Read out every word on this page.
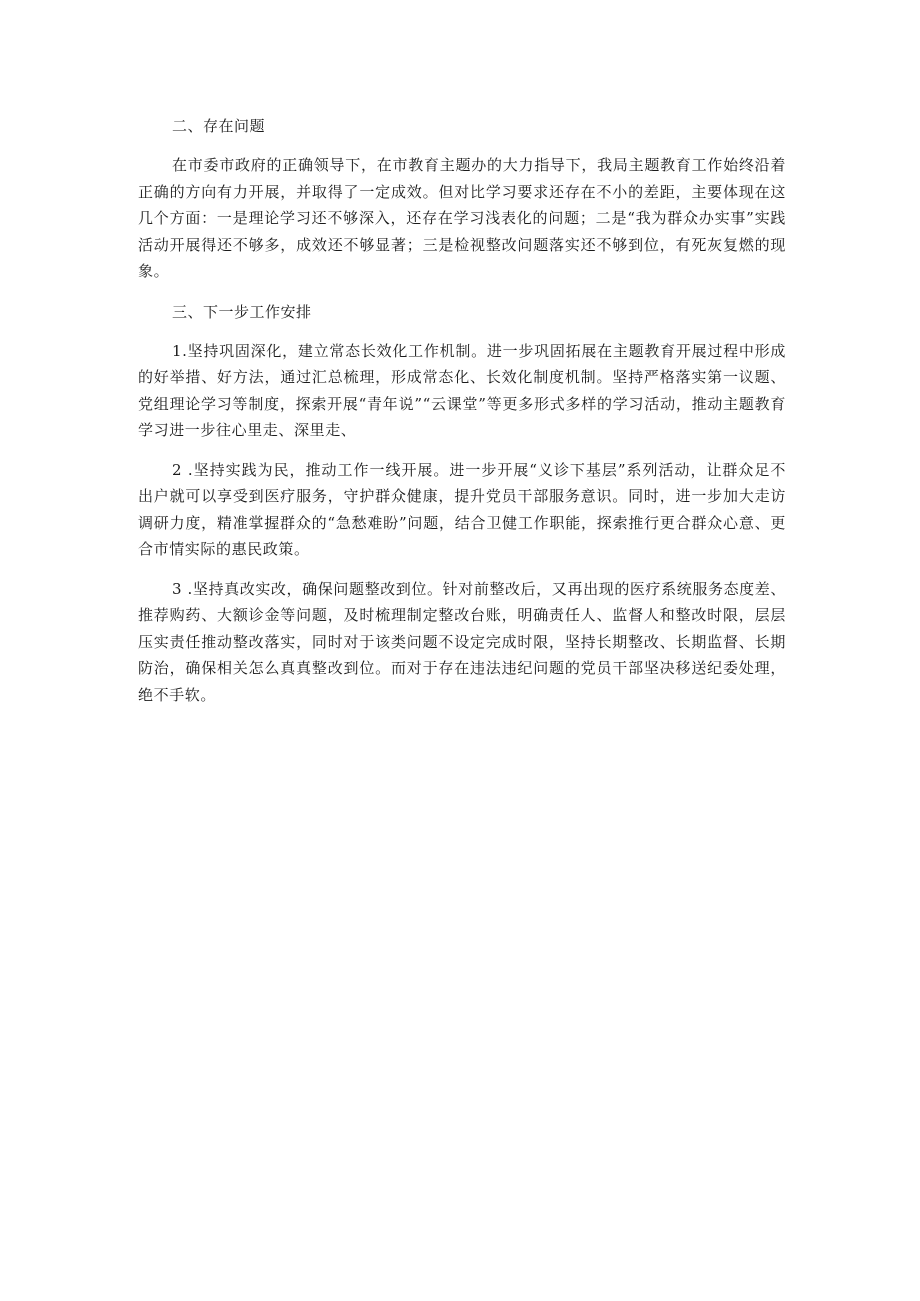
二、存在问题

在市委市政府的正确领导下，在市教育主题办的大力指导下，我局主题教育工作始终沿着正确的方向有力开展，并取得了一定成效。但对比学习要求还存在不小的差距，主要体现在这几个方面：一是理论学习还不够深入，还存在学习浅表化的问题；二是“我为群众办实事”实践活动开展得还不够多，成效还不够显著；三是检视整改问题落实还不够到位，有死灰复燃的现象。

三、下一步工作安排

1.坚持巩固深化，建立常态长效化工作机制。进一步巩固拓展在主题教育开展过程中形成的好举措、好方法，通过汇总梳理，形成常态化、长效化制度机制。坚持严格落实第一议题、党组理论学习等制度，探索开展“青年说”“云课堂”等更多形式多样的学习活动，推动主题教育学习进一步往心里走、深里走、

2 .坚持实践为民，推动工作一线开展。进一步开展“义诊下基层”系列活动，让群众足不出户就可以享受到医疗服务，守护群众健康，提升党员干部服务意识。同时，进一步加大走访调研力度，精准掌握群众的“急愁难盼”问题，结合卫健工作职能，探索推行更合群众心意、更合市情实际的惠民政策。

3 .坚持真改实改，确保问题整改到位。针对前整改后，又再出现的医疗系统服务态度差、推荐购药、大额诊金等问题，及时梳理制定整改台账，明确责任人、监督人和整改时限，层层压实责任推动整改落实，同时对于该类问题不设定完成时限，坚持长期整改、长期监督、长期防治，确保相关怎么真真整改到位。而对于存在违法违纪问题的党员干部坚决移送纪委处理，绝不手软。
